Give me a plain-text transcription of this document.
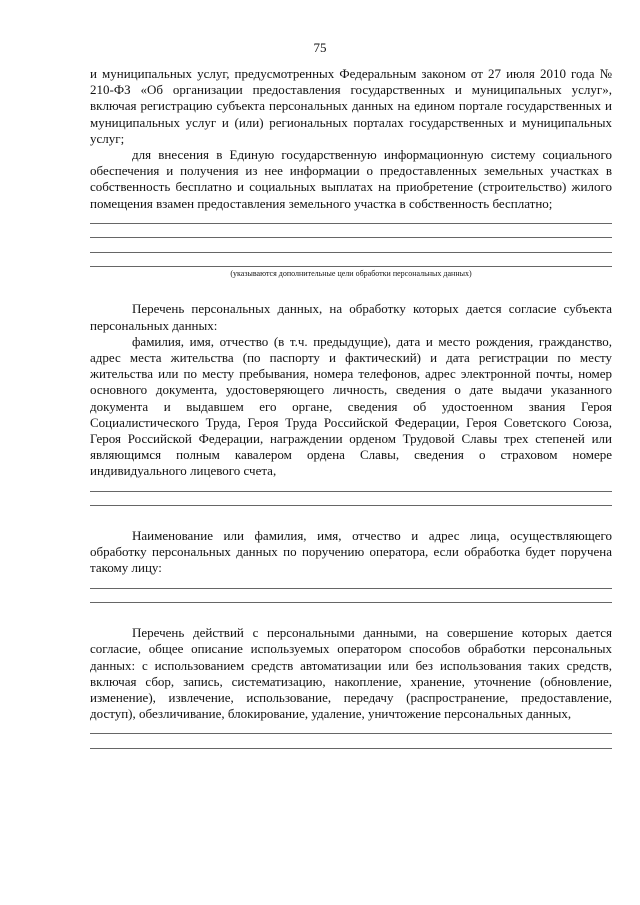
75

и муниципальных услуг, предусмотренных Федеральным законом от 27 июля 2010 года № 210-ФЗ «Об организации предоставления государственных и муниципальных услуг», включая регистрацию субъекта персональных данных на едином портале государственных и муниципальных услуг и (или) региональных порталах государственных и муниципальных услуг;

для внесения в Единую государственную информационную систему социального обеспечения и получения из нее информации о предоставленных земельных участках в собственность бесплатно и социальных выплатах на приобретение (строительство) жилого помещения взамен предоставления земельного участка в собственность бесплатно;

(указываются дополнительные цели обработки персональных данных)

Перечень персональных данных, на обработку которых дается согласие субъекта персональных данных:

фамилия, имя, отчество (в т.ч. предыдущие), дата и место рождения, гражданство, адрес места жительства (по паспорту и фактический) и дата регистрации по месту жительства или по месту пребывания, номера телефонов, адрес электронной почты, номер основного документа, удостоверяющего личность, сведения о дате выдачи указанного документа и выдавшем его органе, сведения об удостоенном звания Героя Социалистического Труда, Героя Труда Российской Федерации, Героя Советского Союза, Героя Российской Федерации, награждении орденом Трудовой Славы трех степеней или являющимся полным кавалером ордена Славы, сведения о страховом номере индивидуального лицевого счета,

Наименование или фамилия, имя, отчество и адрес лица, осуществляющего обработку персональных данных по поручению оператора, если обработка будет поручена такому лицу:

Перечень действий с персональными данными, на совершение которых дается согласие, общее описание используемых оператором способов обработки персональных данных: с использованием средств автоматизации или без использования таких средств, включая сбор, запись, систематизацию, накопление, хранение, уточнение (обновление, изменение), извлечение, использование, передачу (распространение, предоставление, доступ), обезличивание, блокирование, удаление, уничтожение персональных данных,
